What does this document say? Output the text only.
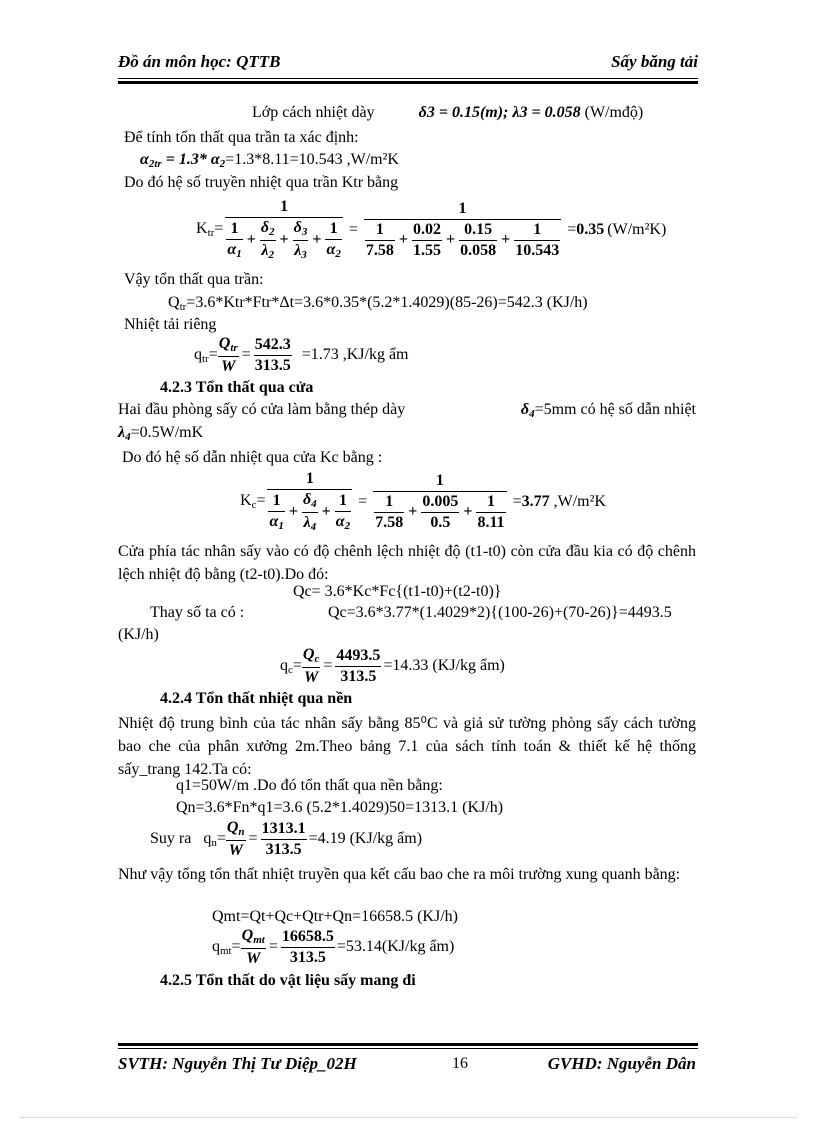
Đồ án môn học: QTTB	Sấy băng tải
Lớp cách nhiệt dày	δ3 = 0.15(m); λ3 = 0.058 (W/mđộ)
Để tính tổn thất qua trần ta xác định:
$\alpha_{2tr} = 1.3*$ $\alpha_2=1.3*8.11=10.543$ ,W/m²K
Do đó hệ số truyền nhiệt qua trần Ktr bằng
$K_{tr}= \frac{1}{\frac{1}{\alpha_1} + \frac{\delta_2}{\lambda_2} + \frac{\delta_3}{\lambda_3} + \frac{1}{\alpha_2}} = \frac{1}{\frac{1}{7.58} + \frac{0.02}{1.55} + \frac{0.15}{0.058} + \frac{1}{10.543}} = 0.35$ (W/m²K)
Vậy tổn thất qua trần:
$Q_{tr}=3.6*Ktr*Ftr*\Delta t=3.6*0.35*(5.2*1.4029)(85-26)=542.3$ (KJ/h)
Nhiệt tải riêng
$q_{tr}= \frac{Q_{tr}}{W} = \frac{542.3}{313.5} =1.73$ ,KJ/kg ẩm
4.2.3 Tổn thất qua cửa
Hai đầu phòng sấy có cửa làm bằng thép dày	$\delta_4=5mm$ có hệ số dẫn nhiệt
$\lambda_4=0.5W/mK$
Do đó hệ số dẫn nhiệt qua cửa Kc bằng :
$K_c= \frac{1}{\frac{1}{\alpha_1} + \frac{\delta_4}{\lambda_4} + \frac{1}{\alpha_2}} = \frac{1}{\frac{1}{7.58} + \frac{0.005}{0.5} + \frac{1}{8.11}} = 3.77$ ,W/m²K
Cửa phía tác nhân sấy vào có độ chênh lệch nhiệt độ (t1-t0) còn cửa đầu kia có độ chênh lệch nhiệt độ bằng (t2-t0).Do đó:
Qc= 3.6*Kc*Fc{(t1-t0)+(t2-t0)}
Thay số ta có :	Qc=3.6*3.77*(1.4029*2){(100-26)+(70-26)}=4493.5
(KJ/h)
$q_c= \frac{Q_c}{W} = \frac{4493.5}{313.5} =14.33$ (KJ/kg ẩm)
4.2.4 Tổn thất nhiệt qua nền
Nhiệt độ trung bình của tác nhân sấy bằng 85⁰C và giả sử tường phòng sấy cách tường bao che của phân xưởng 2m.Theo bảng 7.1 của sách tính toán & thiết kế hệ thống sấy_trang 142.Ta có:
q1=50W/m .Do đó tổn thất qua nền bằng:
Qn=3.6*Fn*q1=3.6 (5.2*1.4029)50=1313.1 (KJ/h)
Suy ra $q_n= \frac{Q_n}{W} = \frac{1313.1}{313.5} =4.19$ (KJ/kg ẩm)
Như vậy tổng tổn thất nhiệt truyền qua kết cấu bao che ra môi trường xung quanh bằng:
Qmt=Qt+Qc+Qtr+Qn=16658.5 (KJ/h)
$q_{mt}= \frac{Q_{mt}}{W} = \frac{16658.5}{313.5} =53.14(KJ/kg$ ẩm)
4.2.5 Tổn thất do vật liệu sấy mang đi
SVTH: Nguyễn Thị Tư Diệp_02H	16	GVHD: Nguyễn Dân
